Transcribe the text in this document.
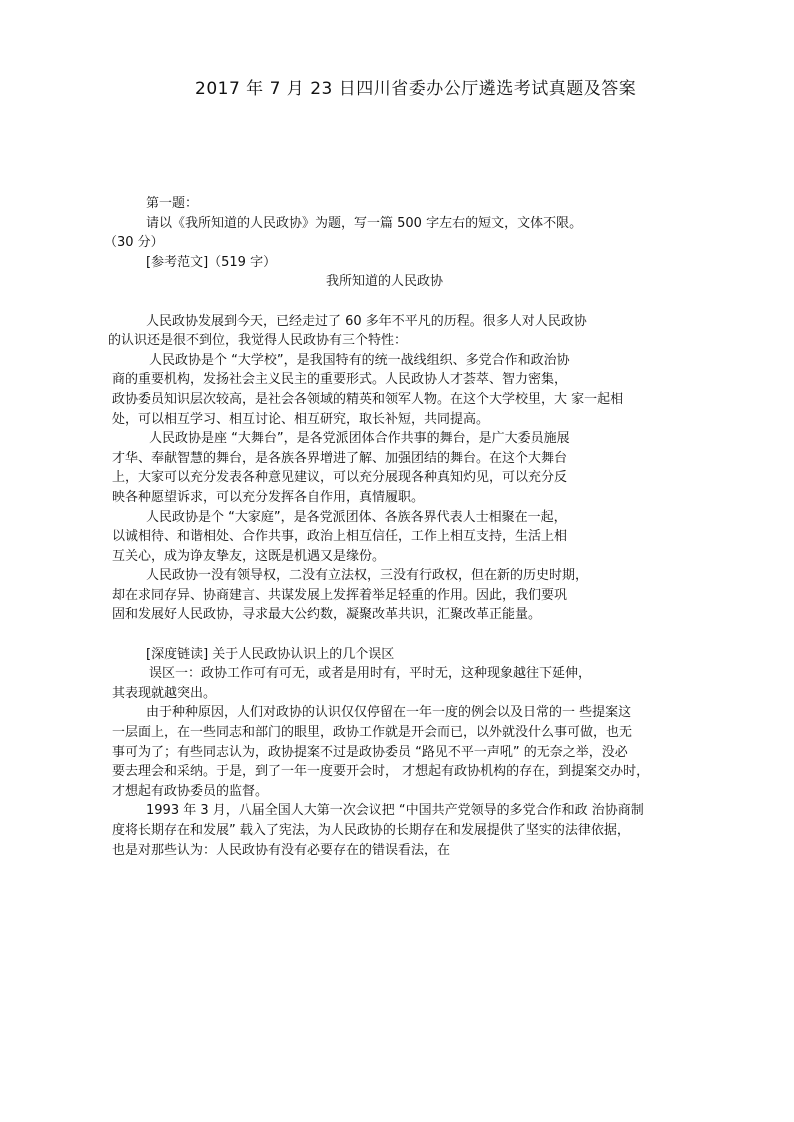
2017 年 7 月 23 日四川省委办公厅遴选考试真题及答案
第一题：
请以《我所知道的人民政协》为题，写一篇 500 字左右的短文，文体不限。
（30 分）
[参考范文]（519 字）
我所知道的人民政协
人民政协发展到今天，已经走过了 60 多年不平凡的历程。很多人对人民政协
的认识还是很不到位，我觉得人民政协有三个特性：
人民政协是个 “大学校”，是我国特有的统一战线组织、多党合作和政治协
商的重要机构，发扬社会主义民主的重要形式。人民政协人才荟萃、智力密集，
政协委员知识层次较高，是社会各领域的精英和领军人物。在这个大学校里，大 家一起相
处，可以相互学习、相互讨论、相互研究，取长补短，共同提高。
人民政协是座 “大舞台”，是各党派团体合作共事的舞台，是广大委员施展
才华、奉献智慧的舞台，是各族各界增进了解、加强团结的舞台。在这个大舞台
上，大家可以充分发表各种意见建议，可以充分展现各种真知灼见，可以充分反
映各种愿望诉求，可以充分发挥各自作用，真情履职。
人民政协是个 “大家庭”，是各党派团体、各族各界代表人士相聚在一起，
以诚相待、和谐相处、合作共事，政治上相互信任，工作上相互支持，生活上相
互关心，成为诤友挚友，这既是机遇又是缘份。
人民政协一没有领导权，二没有立法权，三没有行政权，但在新的历史时期，
却在求同存异、协商建言、共谋发展上发挥着举足轻重的作用。因此，我们要巩
固和发展好人民政协，寻求最大公约数，凝聚改革共识，汇聚改革正能量。
[深度链读] 关于人民政协认识上的几个误区
误区一：政协工作可有可无，或者是用时有，平时无，这种现象越往下延伸，
其表现就越突出。
由于种种原因，人们对政协的认识仅仅停留在一年一度的例会以及日常的一 些提案这
一层面上，在一些同志和部门的眼里，政协工作就是开会而已，以外就没什么事可做，也无
事可为了；有些同志认为，政协提案不过是政协委员 “路见不平一声吼” 的无奈之举，没必
要去理会和采纳。于是，到了一年一度要开会时， 才想起有政协机构的存在，到提案交办时，
才想起有政协委员的监督。
1993 年 3 月，八届全国人大第一次会议把 “中国共产党领导的多党合作和政 治协商制
度将长期存在和发展” 载入了宪法，为人民政协的长期存在和发展提供了坚实的法律依据，
也是对那些认为：人民政协有没有必要存在的错误看法，在
